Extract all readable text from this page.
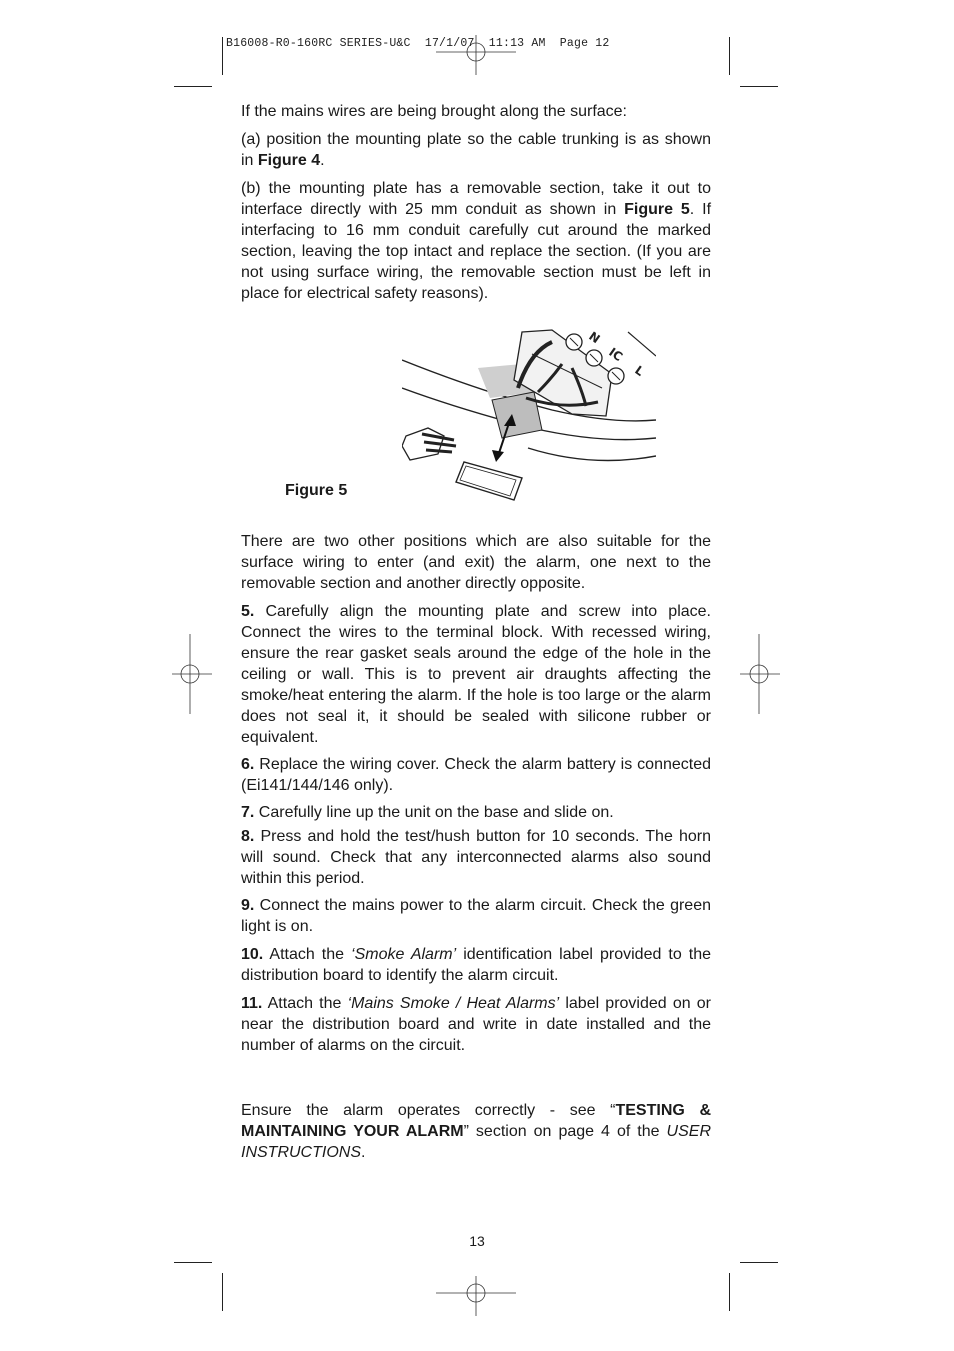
B16008-R0-160RC SERIES-U&C 17/1/07 11:13 AM Page 12

If the mains wires are being brought along the surface:

(a) position the mounting plate so the cable trunking is as shown in Figure 4.

(b) the mounting plate has a removable section, take it out to interface directly with 25 mm conduit as shown in Figure 5. If interfacing to 16 mm conduit carefully cut around the marked section, leaving the top intact and replace the section. (If you are not using surface wiring, the removable section must be left in place for electrical safety reasons).

N
IC
L
Figure 5

There are two other positions which are also suitable for the surface wiring to enter (and exit) the alarm, one next to the removable section and another directly opposite.

5. Carefully align the mounting plate and screw into place. Connect the wires to the terminal block. With recessed wiring, ensure the rear gasket seals around the edge of the hole in the ceiling or wall. This is to prevent air draughts affecting the smoke/heat entering the alarm. If the hole is too large or the alarm does not seal it, it should be sealed with silicone rubber or equivalent.

6. Replace the wiring cover. Check the alarm battery is connected (Ei141/144/146 only).

7. Carefully line up the unit on the base and slide on.

8. Press and hold the test/hush button for 10 seconds. The horn will sound. Check that any interconnected alarms also sound within this period.

9. Connect the mains power to the alarm circuit. Check the green light is on.

10. Attach the ‘Smoke Alarm’ identification label provided to the distribution board to identify the alarm circuit.

11. Attach the ‘Mains Smoke / Heat Alarms’ label provided on or near the distribution board and write in date installed and the number of alarms on the circuit.

Ensure the alarm operates correctly - see “TESTING & MAINTAINING YOUR ALARM” section on page 4 of the USER INSTRUCTIONS.

13
